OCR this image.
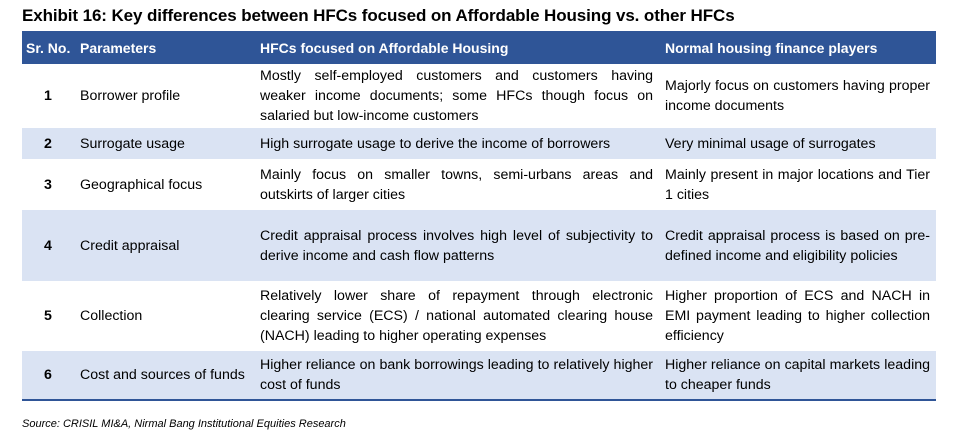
Exhibit 16: Key differences between HFCs focused on Affordable Housing vs. other HFCs
Sr. No.	Parameters	HFCs focused on Affordable Housing	Normal housing finance players
1	Borrower profile	Mostly self-employed customers and customers having weaker income documents; some HFCs though focus on salaried but low-income customers	Majorly focus on customers having proper income documents
2	Surrogate usage	High surrogate usage to derive the income of borrowers	Very minimal usage of surrogates
3	Geographical focus	Mainly focus on smaller towns, semi-urbans areas and outskirts of larger cities	Mainly present in major locations and Tier 1 cities
4	Credit appraisal	Credit appraisal process involves high level of subjectivity to derive income and cash flow patterns	Credit appraisal process is based on pre-defined income and eligibility policies
5	Collection	Relatively lower share of repayment through electronic clearing service (ECS) / national automated clearing house (NACH) leading to higher operating expenses	Higher proportion of ECS and NACH in EMI payment leading to higher collection efficiency
6	Cost and sources of funds	Higher reliance on bank borrowings leading to relatively higher cost of funds	Higher reliance on capital markets leading to cheaper funds
Source: CRISIL MI&A, Nirmal Bang Institutional Equities Research
